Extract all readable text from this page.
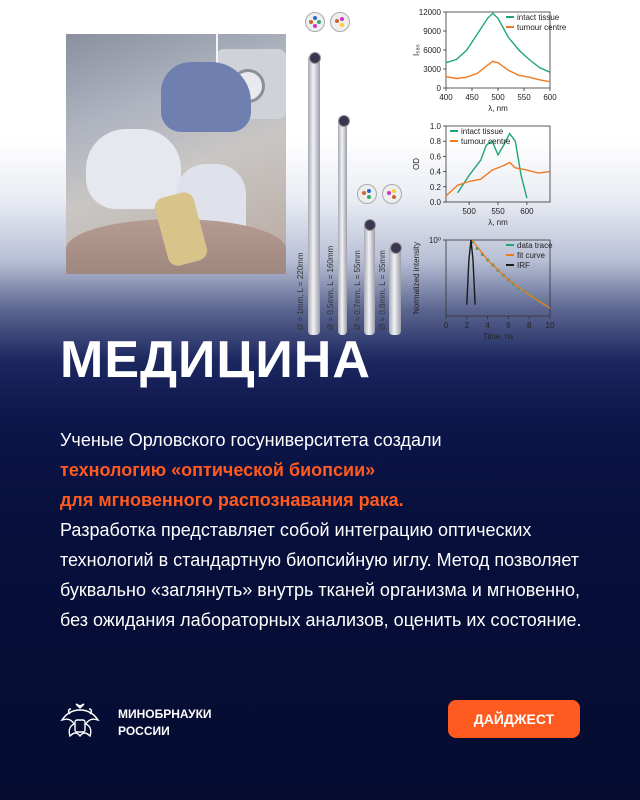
Ø = 1mm, L = 220mm	Ø = 0.5mm, L = 160mm Ø = 0.7mm, L = 55mm Ø = 0.8mm, L = 35mm
400 450 500 550 600
0
3000
6000
9000
12000
λ, nm
I₅₈₅
intact tissue
tumour centre
500 550 600
0.0
0.2
0.4
0.6
0.8
1.0
λ, nm
OD
intact tissue
tumour centre
0 2 4 6 8 10
10⁰
Time, ns
Normalized intensity	data trace
fit curve
IRF
МЕДИЦИНА
Ученые Орловского госуниверситета создали
технологию «оптической биопсии»
для мгновенного распознавания рака.
Разработка представляет собой интеграцию оптических технологий в стандартную биопсийную иглу. Метод позволяет буквально «заглянуть» внутрь тканей организма и мгновенно, без ожидания лабораторных анализов, оценить их состояние.
МИНОБРНАУКИ
РОССИИ
ДАЙДЖЕСТ
